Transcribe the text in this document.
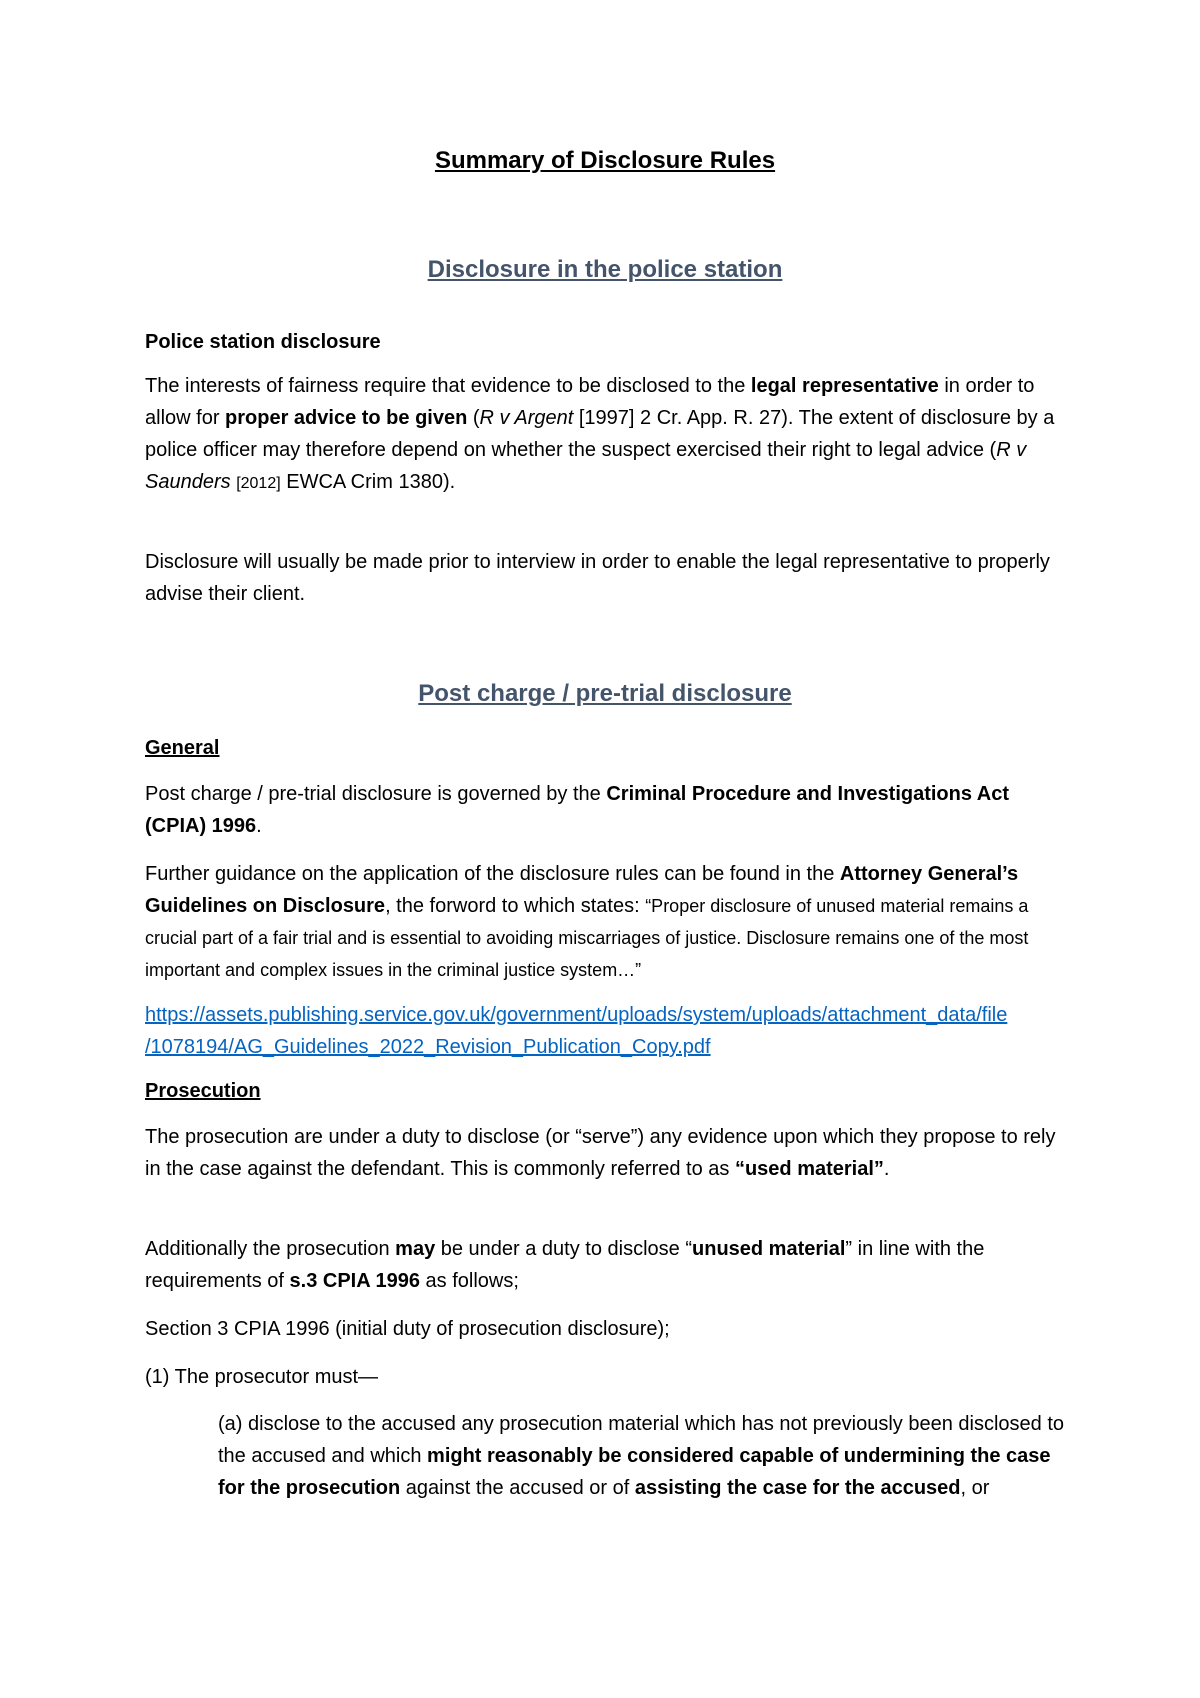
Summary of Disclosure Rules
Disclosure in the police station

Police station disclosure

The interests of fairness require that evidence to be disclosed to the legal representative in order to allow for proper advice to be given (R v Argent [1997] 2 Cr. App. R. 27). The extent of disclosure by a police officer may therefore depend on whether the suspect exercised their right to legal advice (R v Saunders [2012] EWCA Crim 1380).

Disclosure will usually be made prior to interview in order to enable the legal representative to properly advise their client.

Post charge / pre-trial disclosure

General

Post charge / pre-trial disclosure is governed by the Criminal Procedure and Investigations Act (CPIA) 1996.

Further guidance on the application of the disclosure rules can be found in the Attorney General’s Guidelines on Disclosure, the forword to which states: “Proper disclosure of unused material remains a crucial part of a fair trial and is essential to avoiding miscarriages of justice. Disclosure remains one of the most important and complex issues in the criminal justice system…”

https://assets.publishing.service.gov.uk/government/uploads/system/uploads/attachment_data/file
/1078194/AG_Guidelines_2022_Revision_Publication_Copy.pdf

Prosecution

The prosecution are under a duty to disclose (or “serve”) any evidence upon which they propose to rely in the case against the defendant. This is commonly referred to as “used material”.

Additionally the prosecution may be under a duty to disclose “unused material” in line with the requirements of s.3 CPIA 1996 as follows;

Section 3 CPIA 1996 (initial duty of prosecution disclosure);

(1) The prosecutor must—

(a) disclose to the accused any prosecution material which has not previously been disclosed to the accused and which might reasonably be considered capable of undermining the case for the prosecution against the accused or of assisting the case for the accused, or
